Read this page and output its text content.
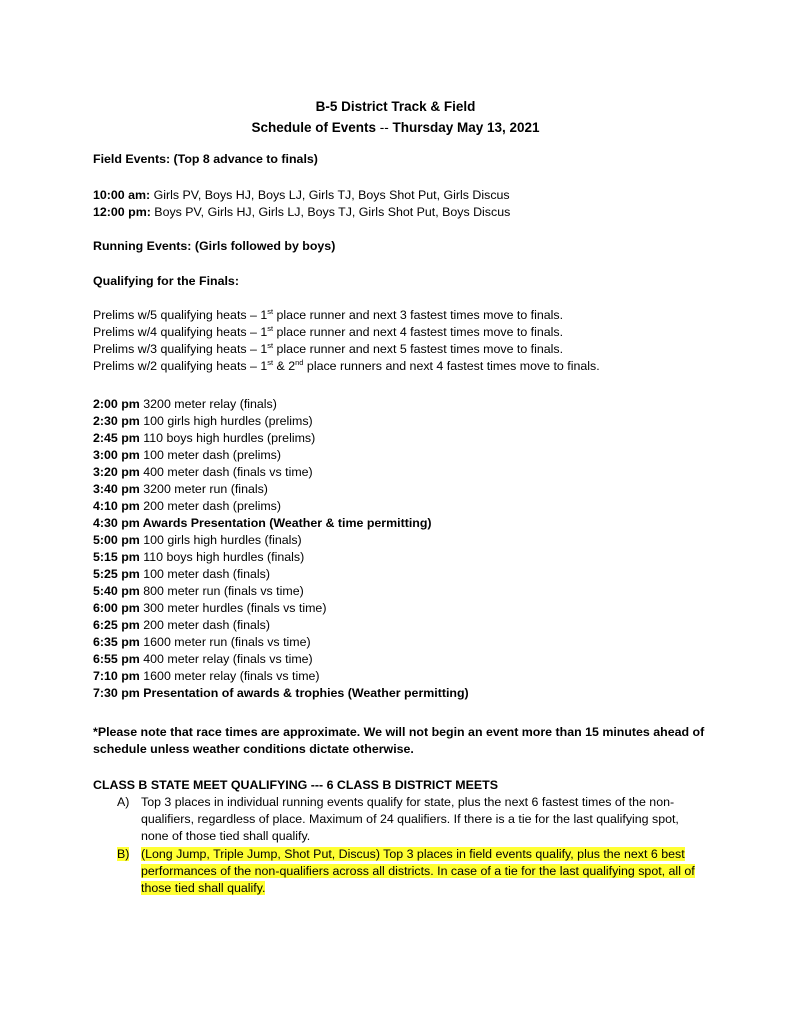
B-5 District Track & Field
Schedule of Events -- Thursday May 13, 2021
Field Events: (Top 8 advance to finals)
10:00 am: Girls PV, Boys HJ, Boys LJ, Girls TJ, Boys Shot Put, Girls Discus
12:00 pm: Boys PV, Girls HJ, Girls LJ, Boys TJ, Girls Shot Put, Boys Discus
Running Events: (Girls followed by boys)
Qualifying for the Finals:
Prelims w/5 qualifying heats – 1st place runner and next 3 fastest times move to finals.
Prelims w/4 qualifying heats – 1st place runner and next 4 fastest times move to finals.
Prelims w/3 qualifying heats – 1st place runner and next 5 fastest times move to finals.
Prelims w/2 qualifying heats – 1st & 2nd place runners and next 4 fastest times move to finals.
2:00 pm 3200 meter relay (finals)
2:30 pm 100 girls high hurdles (prelims)
2:45 pm 110 boys high hurdles (prelims)
3:00 pm 100 meter dash (prelims)
3:20 pm 400 meter dash (finals vs time)
3:40 pm 3200 meter run (finals)
4:10 pm 200 meter dash (prelims)
4:30 pm Awards Presentation (Weather & time permitting)
5:00 pm 100 girls high hurdles (finals)
5:15 pm 110 boys high hurdles (finals)
5:25 pm 100 meter dash (finals)
5:40 pm 800 meter run (finals vs time)
6:00 pm 300 meter hurdles (finals vs time)
6:25 pm 200 meter dash (finals)
6:35 pm 1600 meter run (finals vs time)
6:55 pm 400 meter relay (finals vs time)
7:10 pm 1600 meter relay (finals vs time)
7:30 pm Presentation of awards & trophies (Weather permitting)
*Please note that race times are approximate. We will not begin an event more than 15 minutes ahead of schedule unless weather conditions dictate otherwise.
CLASS B STATE MEET QUALIFYING --- 6 CLASS B DISTRICT MEETS
A) Top 3 places in individual running events qualify for state, plus the next 6 fastest times of the non-qualifiers, regardless of place. Maximum of 24 qualifiers. If there is a tie for the last qualifying spot, none of those tied shall qualify.
B) (Long Jump, Triple Jump, Shot Put, Discus) Top 3 places in field events qualify, plus the next 6 best performances of the non-qualifiers across all districts. In case of a tie for the last qualifying spot, all of those tied shall qualify.
